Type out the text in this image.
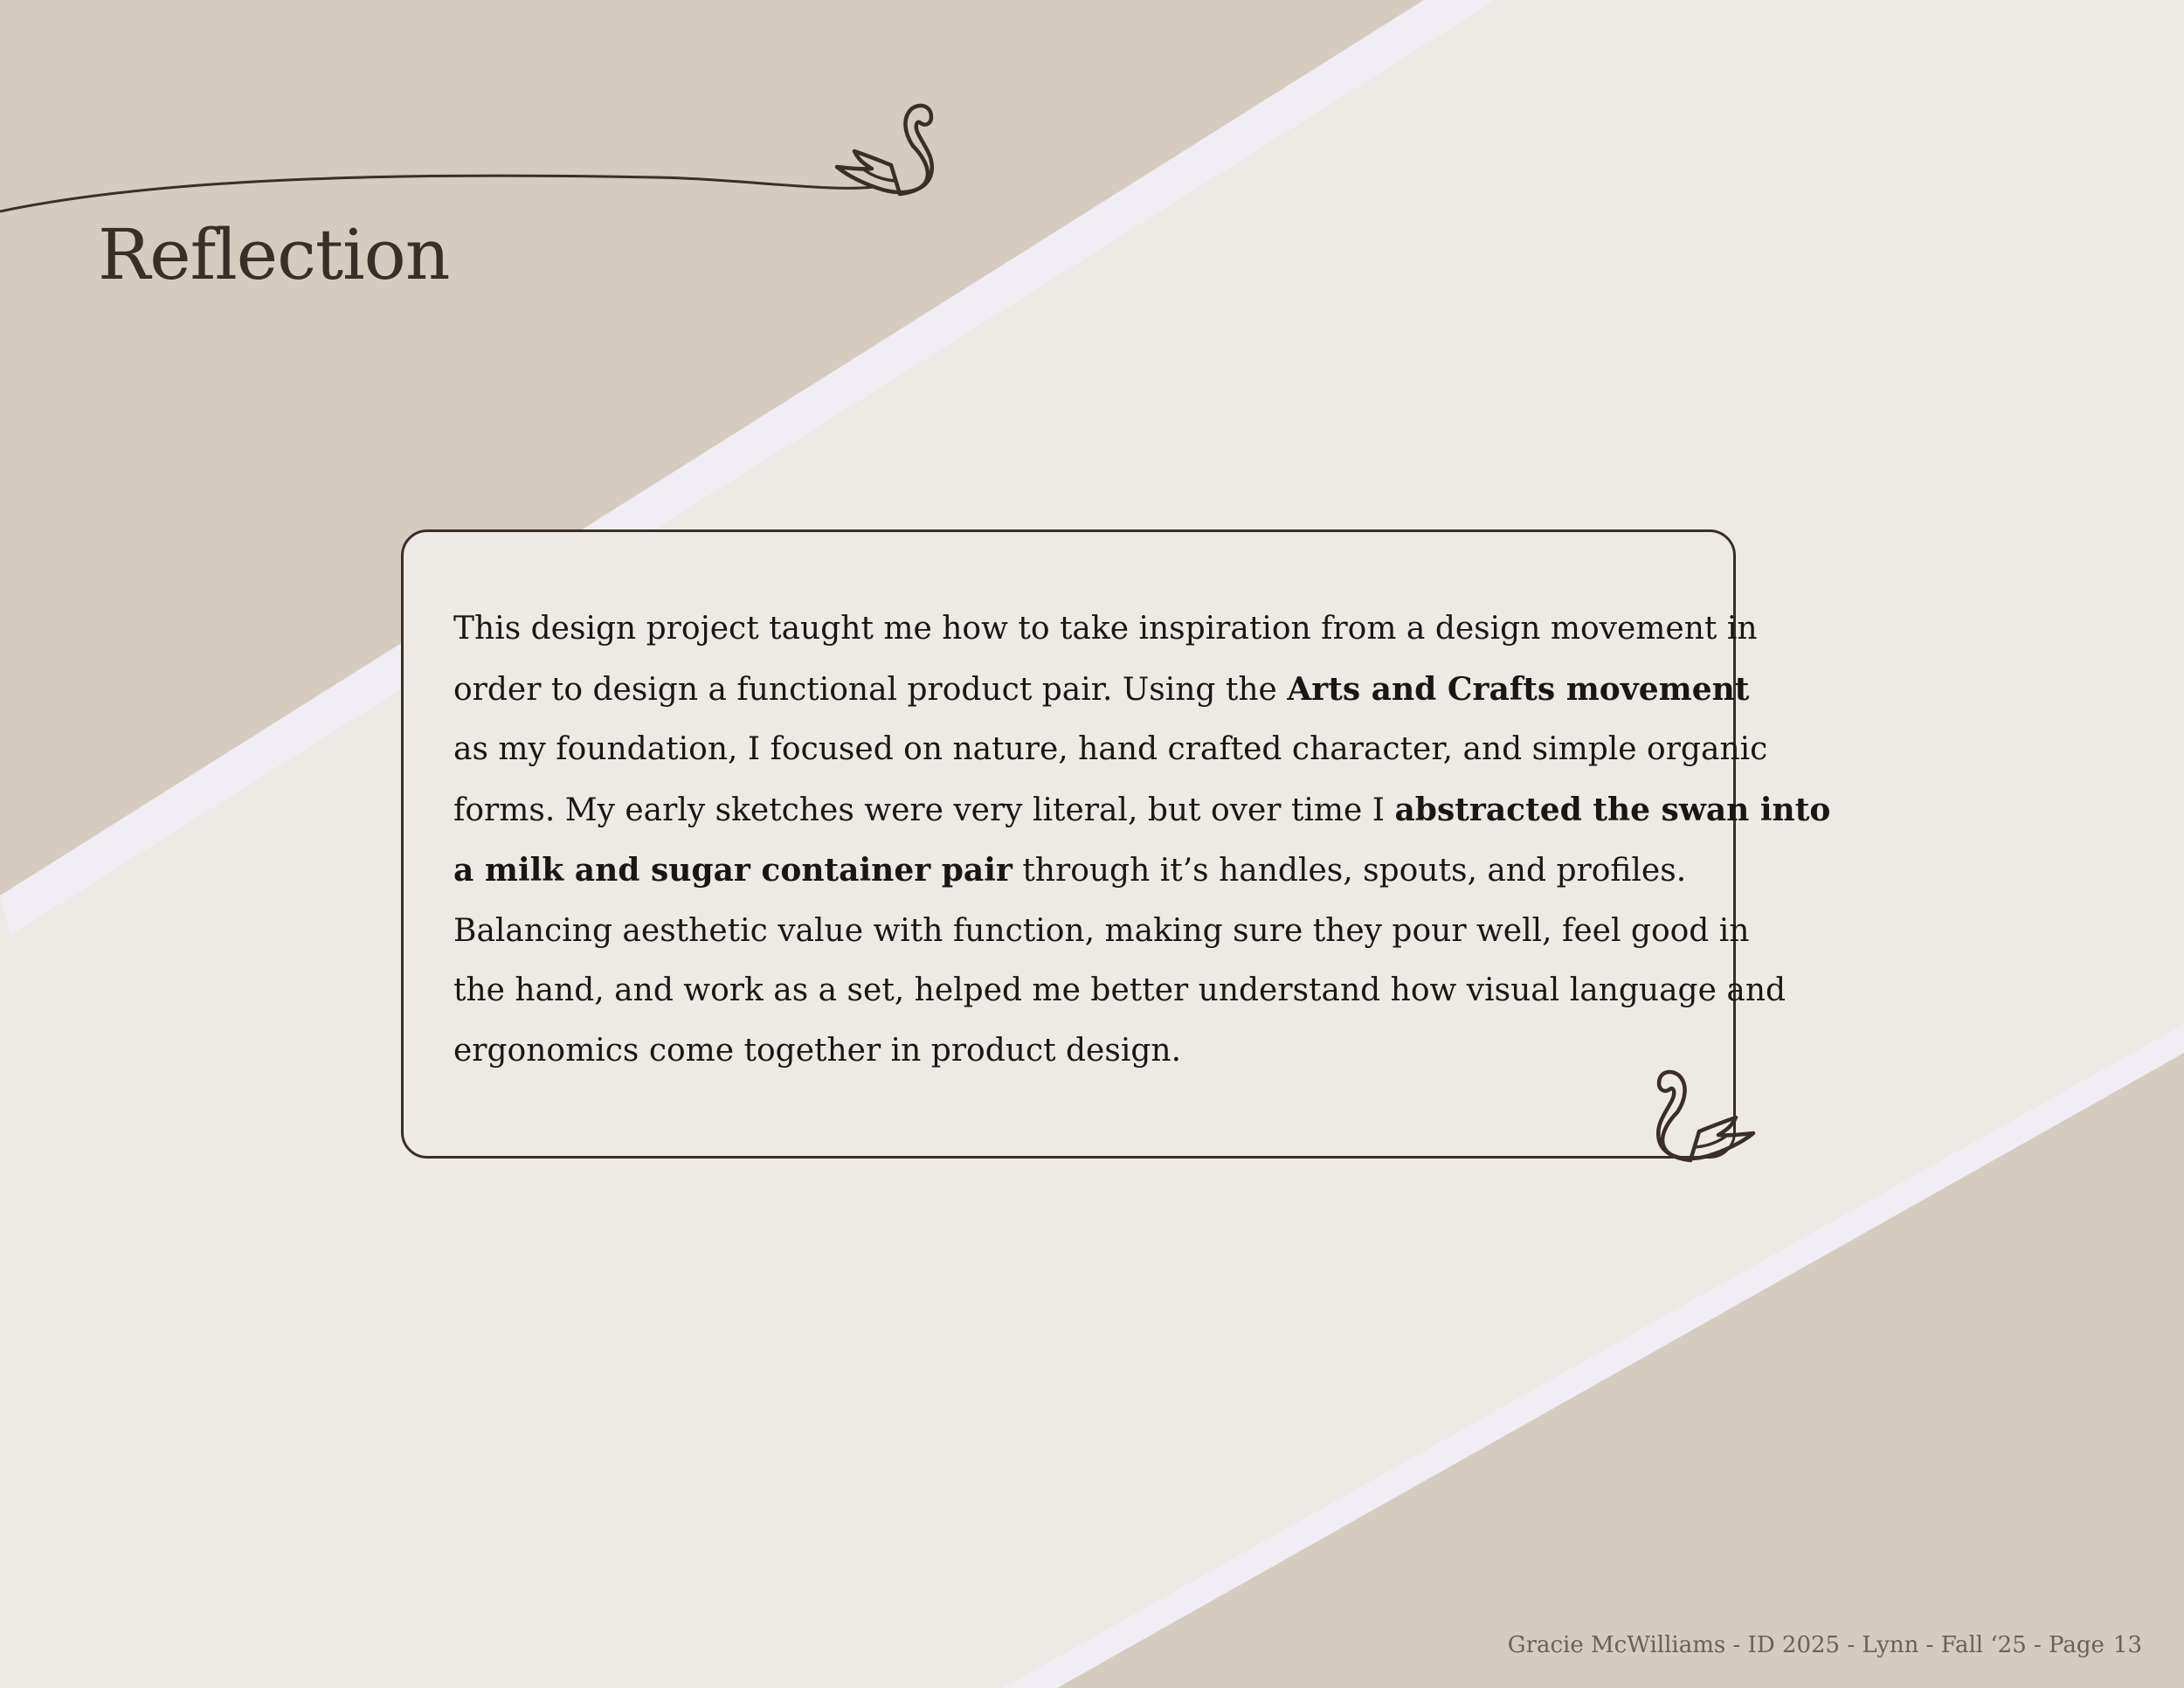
Reflection

This design project taught me how to take inspiration from a design movement in
order to design a functional product pair. Using the Arts and Crafts movement
as my foundation, I focused on nature, hand crafted character, and simple organic
forms. My early sketches were very literal, but over time I abstracted the swan into
a milk and sugar container pair through it’s handles, spouts, and profiles.
Balancing aesthetic value with function, making sure they pour well, feel good in
the hand, and work as a set, helped me better understand how visual language and
ergonomics come together in product design.

Gracie McWilliams - ID 2025 - Lynn - Fall ‘25 - Page 13
